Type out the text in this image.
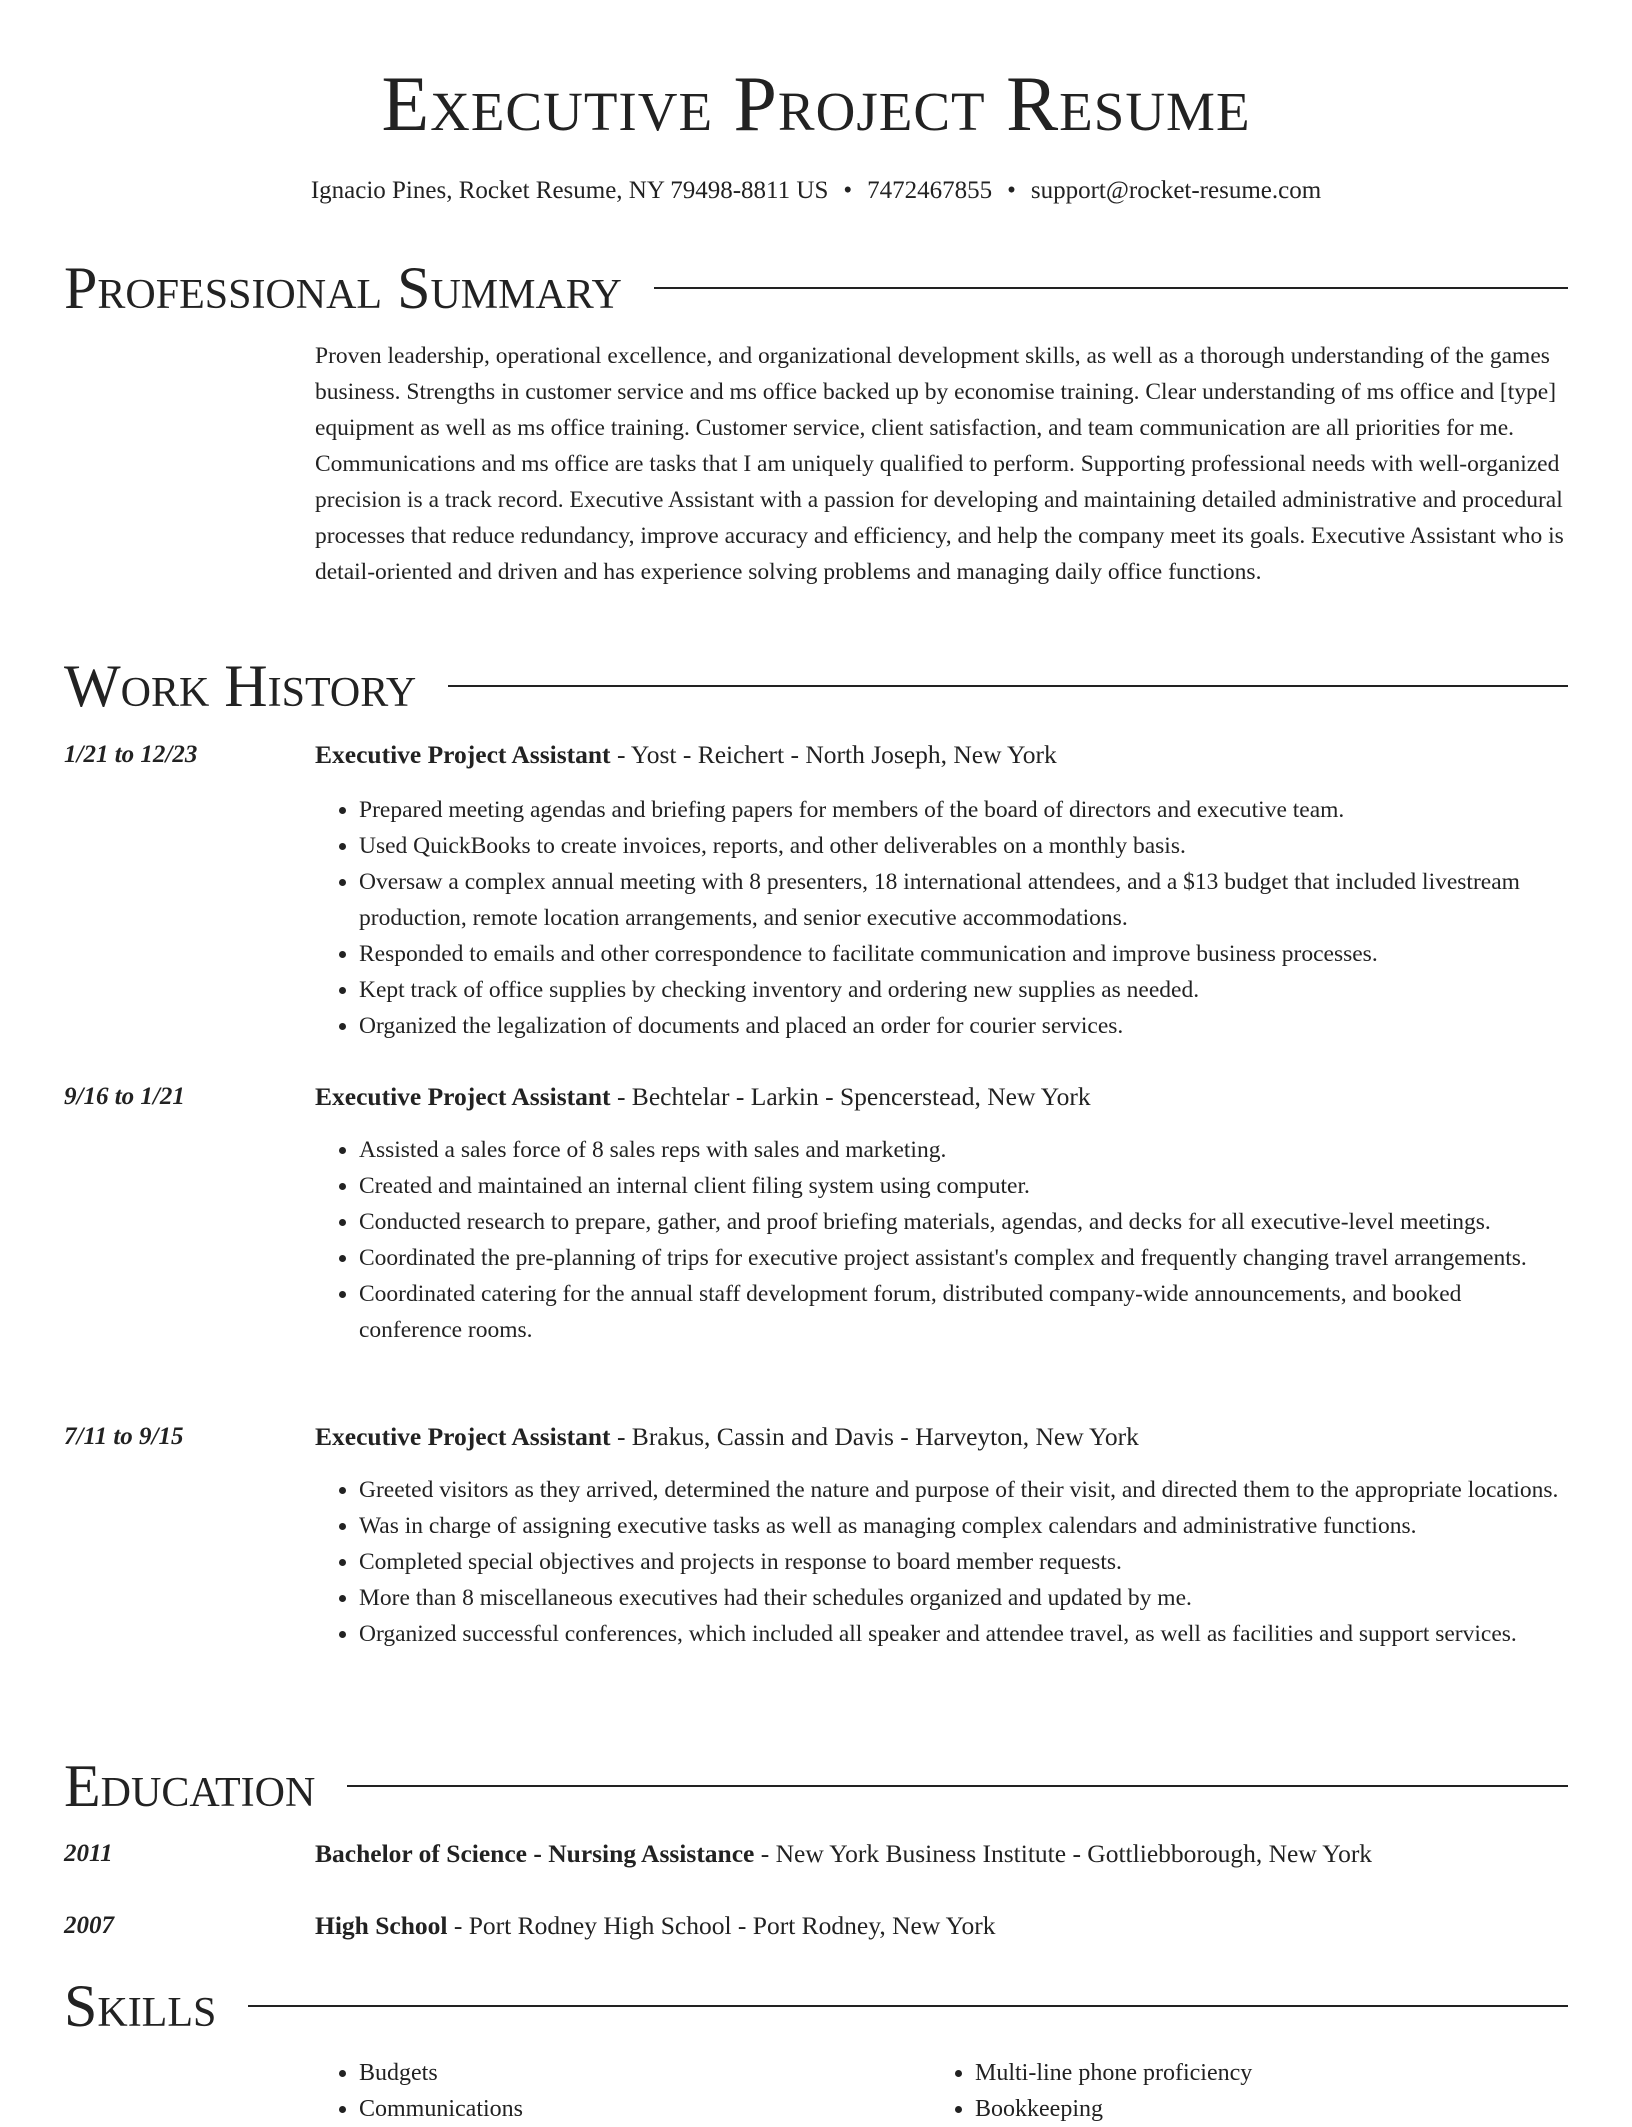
Executive Project Resume
Ignacio Pines, Rocket Resume, NY 79498-8811 US • 7472467855 • support@rocket-resume.com
Professional Summary

Proven leadership, operational excellence, and organizational development skills, as well as a thorough understanding of the games business. Strengths in customer service and ms office backed up by economise training. Clear understanding of ms office and [type] equipment as well as ms office training. Customer service, client satisfaction, and team communication are all priorities for me. Communications and ms office are tasks that I am uniquely qualified to perform. Supporting professional needs with well-organized precision is a track record. Executive Assistant with a passion for developing and maintaining detailed administrative and procedural processes that reduce redundancy, improve accuracy and efficiency, and help the company meet its goals. Executive Assistant who is detail-oriented and driven and has experience solving problems and managing daily office functions.

Work History
1/21 to 12/23	Executive Project Assistant - Yost - Reichert - North Joseph, New York
• Prepared meeting agendas and briefing papers for members of the board of directors and executive team.
• Used QuickBooks to create invoices, reports, and other deliverables on a monthly basis.
• Oversaw a complex annual meeting with 8 presenters, 18 international attendees, and a $13 budget that included livestream production, remote location arrangements, and senior executive accommodations.
• Responded to emails and other correspondence to facilitate communication and improve business processes.
• Kept track of office supplies by checking inventory and ordering new supplies as needed.
• Organized the legalization of documents and placed an order for courier services.
9/16 to 1/21	Executive Project Assistant - Bechtelar - Larkin - Spencerstead, New York
• Assisted a sales force of 8 sales reps with sales and marketing.
• Created and maintained an internal client filing system using computer.
• Conducted research to prepare, gather, and proof briefing materials, agendas, and decks for all executive-level meetings.
• Coordinated the pre-planning of trips for executive project assistant's complex and frequently changing travel arrangements.
• Coordinated catering for the annual staff development forum, distributed company-wide announcements, and booked conference rooms.
7/11 to 9/15	Executive Project Assistant - Brakus, Cassin and Davis - Harveyton, New York
• Greeted visitors as they arrived, determined the nature and purpose of their visit, and directed them to the appropriate locations.
• Was in charge of assigning executive tasks as well as managing complex calendars and administrative functions.
• Completed special objectives and projects in response to board member requests.
• More than 8 miscellaneous executives had their schedules organized and updated by me.
• Organized successful conferences, which included all speaker and attendee travel, as well as facilities and support services.
Education
2011	Bachelor of Science - Nursing Assistance - New York Business Institute - Gottliebborough, New York
2007	High School - Port Rodney High School - Port Rodney, New York
Skills
• Budgets
• Communications
• Multi-line phone proficiency
• Bookkeeping
